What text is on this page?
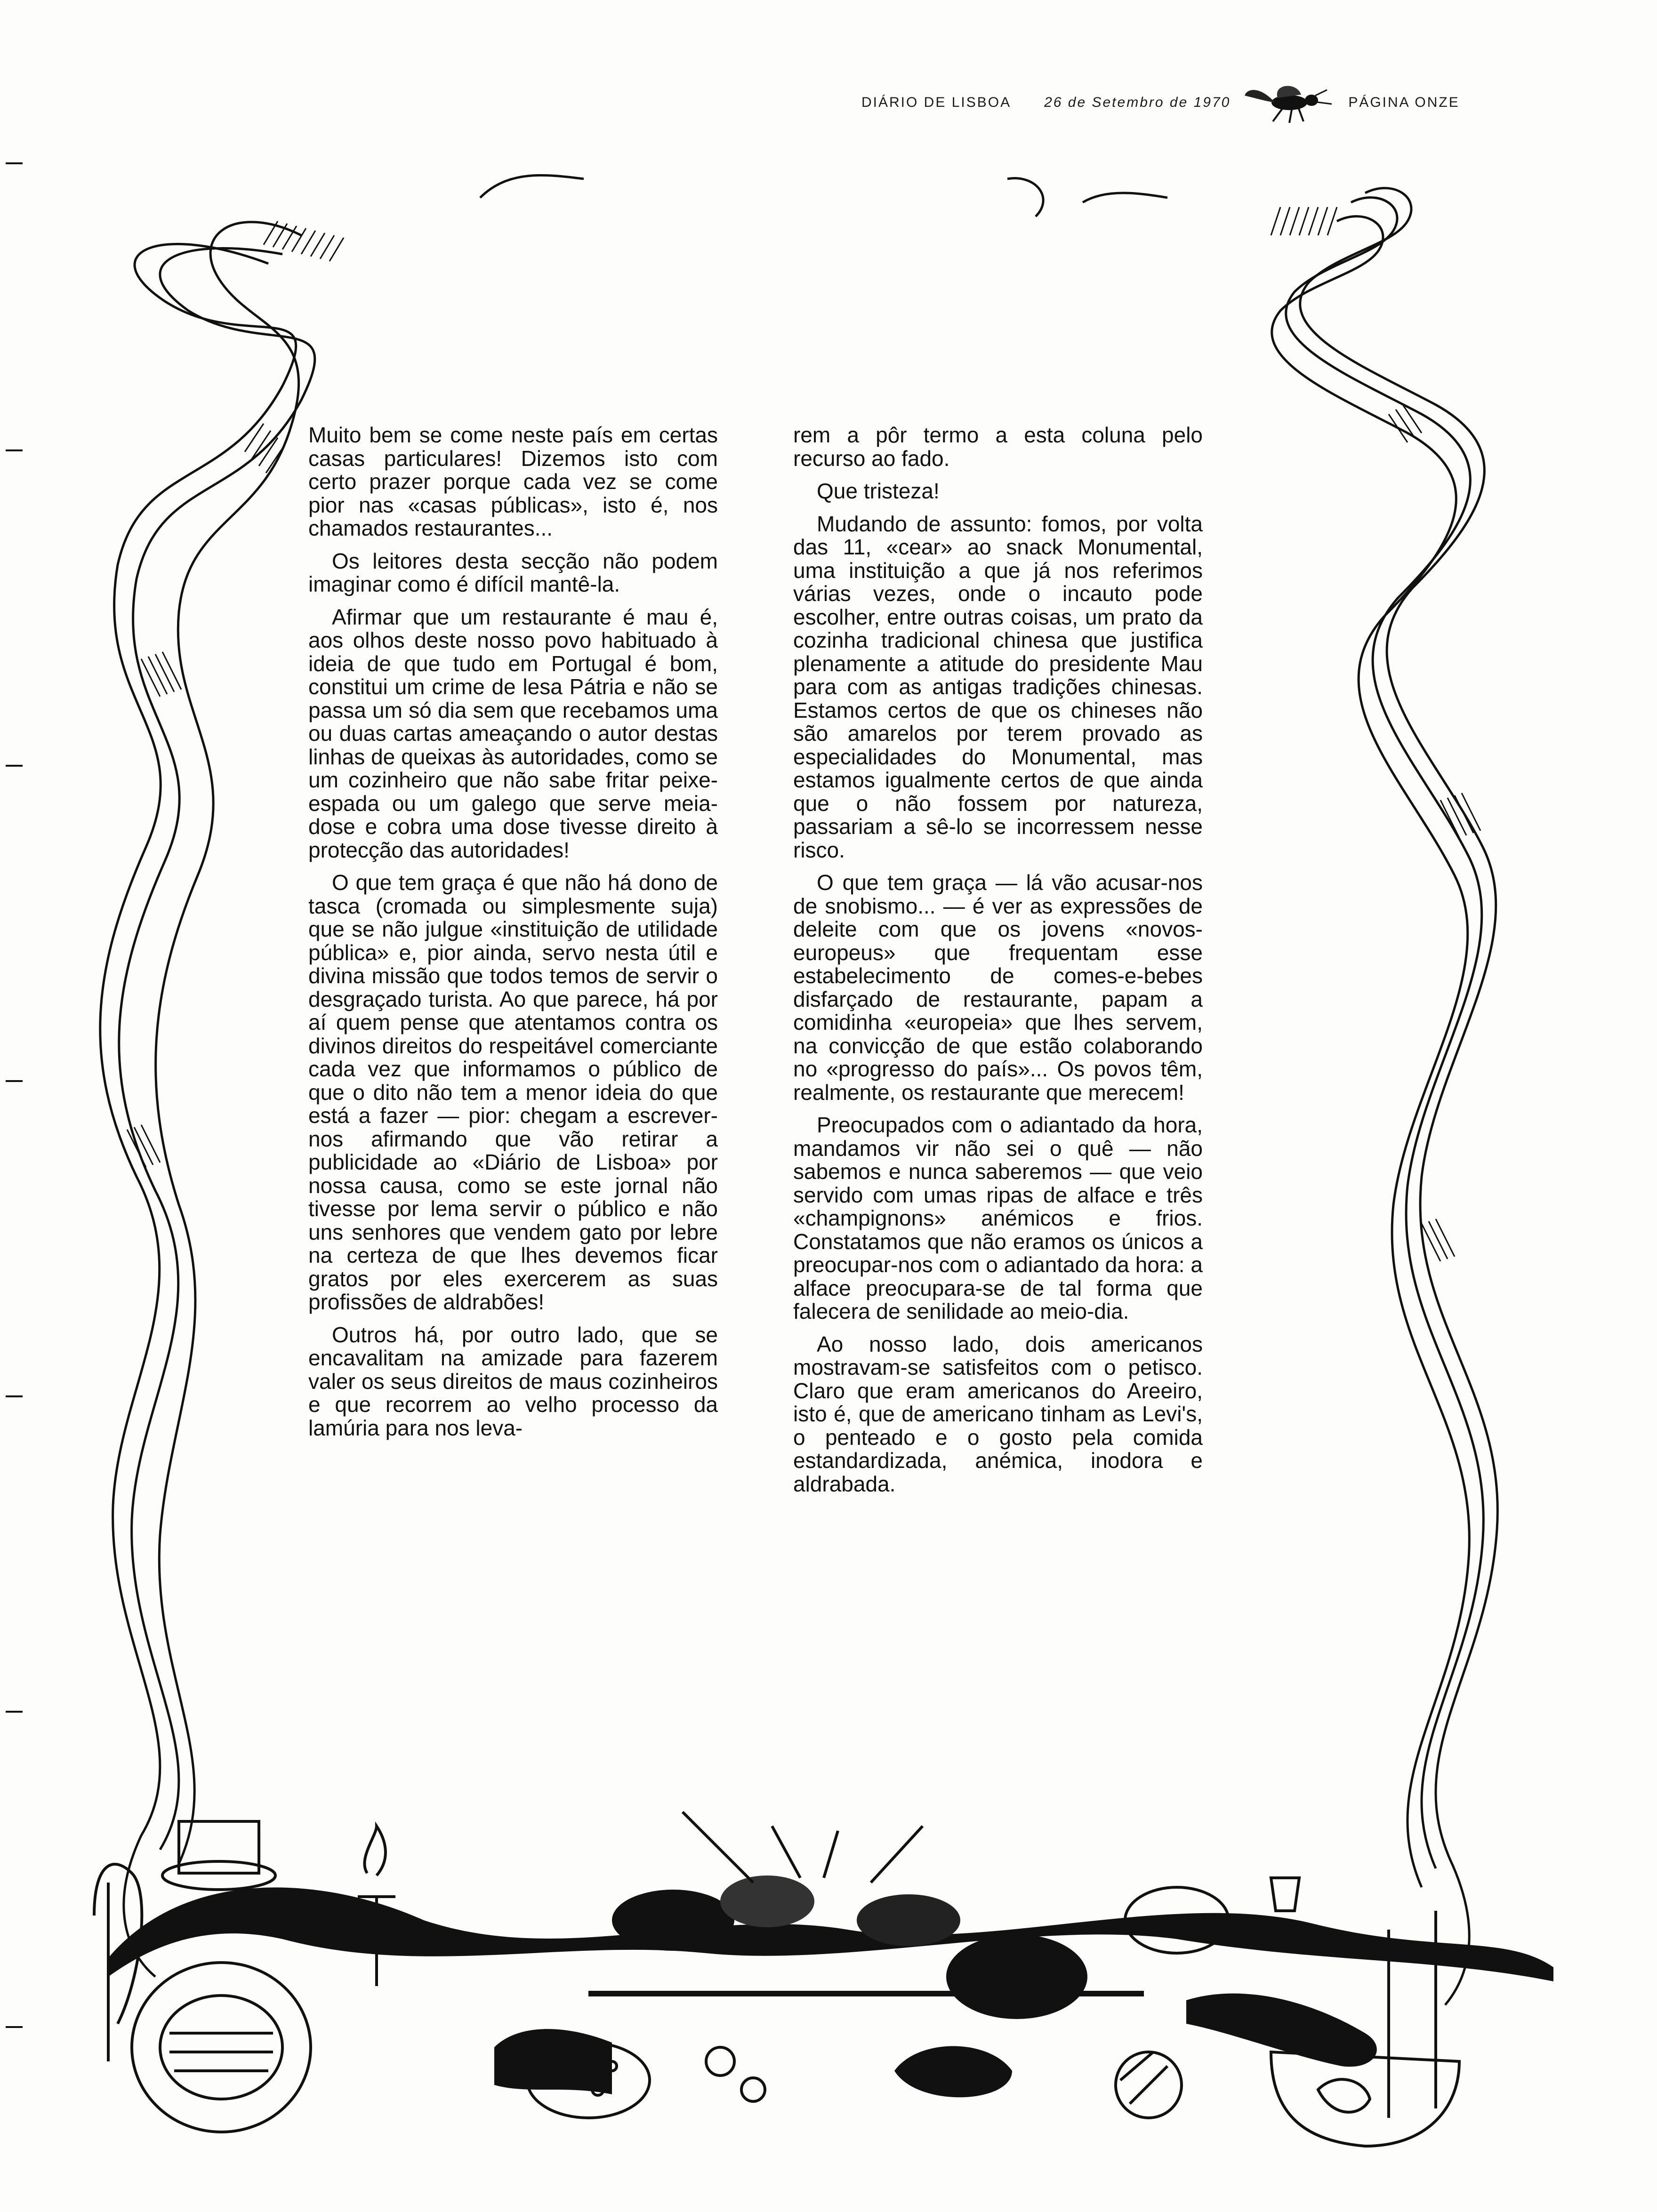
DIÁRIO DE LISBOA 26 de Setembro de 1970	PÁGINA ONZE

Muito bem se come neste país em certas casas particulares! Dizemos isto com certo prazer porque cada vez se come pior nas «casas públicas», isto é, nos chamados restaurantes...

Os leitores desta secção não podem imaginar como é difícil mantê-la.

Afirmar que um restaurante é mau é, aos olhos deste nosso povo habituado à ideia de que tudo em Portugal é bom, constitui um crime de lesa Pátria e não se passa um só dia sem que recebamos uma ou duas cartas ameaçando o autor destas linhas de queixas às autoridades, como se um cozinheiro que não sabe fritar peixe-espada ou um galego que serve meia-dose e cobra uma dose tivesse direito à protecção das autoridades!

O que tem graça é que não há dono de tasca (cromada ou simplesmente suja) que se não julgue «instituição de utilidade pública» e, pior ainda, servo nesta útil e divina missão que todos temos de servir o desgraçado turista. Ao que parece, há por aí quem pense que atentamos contra os divinos direitos do respeitável comerciante cada vez que informamos o público de que o dito não tem a menor ideia do que está a fazer — pior: chegam a escrever-nos afirmando que vão retirar a publicidade ao «Diário de Lisboa» por nossa causa, como se este jornal não tivesse por lema servir o público e não uns senhores que vendem gato por lebre na certeza de que lhes devemos ficar gratos por eles exercerem as suas profissões de aldrabões!

Outros há, por outro lado, que se encavalitam na amizade para fazerem valer os seus direitos de maus cozinheiros e que recorrem ao velho processo da lamúria para nos leva-

rem a pôr termo a esta coluna pelo recurso ao fado.

Que tristeza!

Mudando de assunto: fomos, por volta das 11, «cear» ao snack Monumental, uma instituição a que já nos referimos várias vezes, onde o incauto pode escolher, entre outras coisas, um prato da cozinha tradicional chinesa que justifica plenamente a atitude do presidente Mau para com as antigas tradições chinesas. Estamos certos de que os chineses não são amarelos por terem provado as especialidades do Monumental, mas estamos igualmente certos de que ainda que o não fossem por natureza, passariam a sê-lo se incorressem nesse risco.

O que tem graça — lá vão acusar-nos de snobismo... — é ver as expressões de deleite com que os jovens «novos-europeus» que frequentam esse estabelecimento de comes-e-bebes disfarçado de restaurante, papam a comidinha «europeia» que lhes servem, na convicção de que estão colaborando no «progresso do país»... Os povos têm, realmente, os restaurante que merecem!

Preocupados com o adiantado da hora, mandamos vir não sei o quê — não sabemos e nunca saberemos — que veio servido com umas ripas de alface e três «champignons» anémicos e frios. Constatamos que não eramos os únicos a preocupar-nos com o adiantado da hora: a alface preocupara-se de tal forma que falecera de senilidade ao meio-dia.

Ao nosso lado, dois americanos mostravam-se satisfeitos com o petisco. Claro que eram americanos do Areeiro, isto é, que de americano tinham as Levi's, o penteado e o gosto pela comida estandardizada, anémica, inodora e aldrabada.
